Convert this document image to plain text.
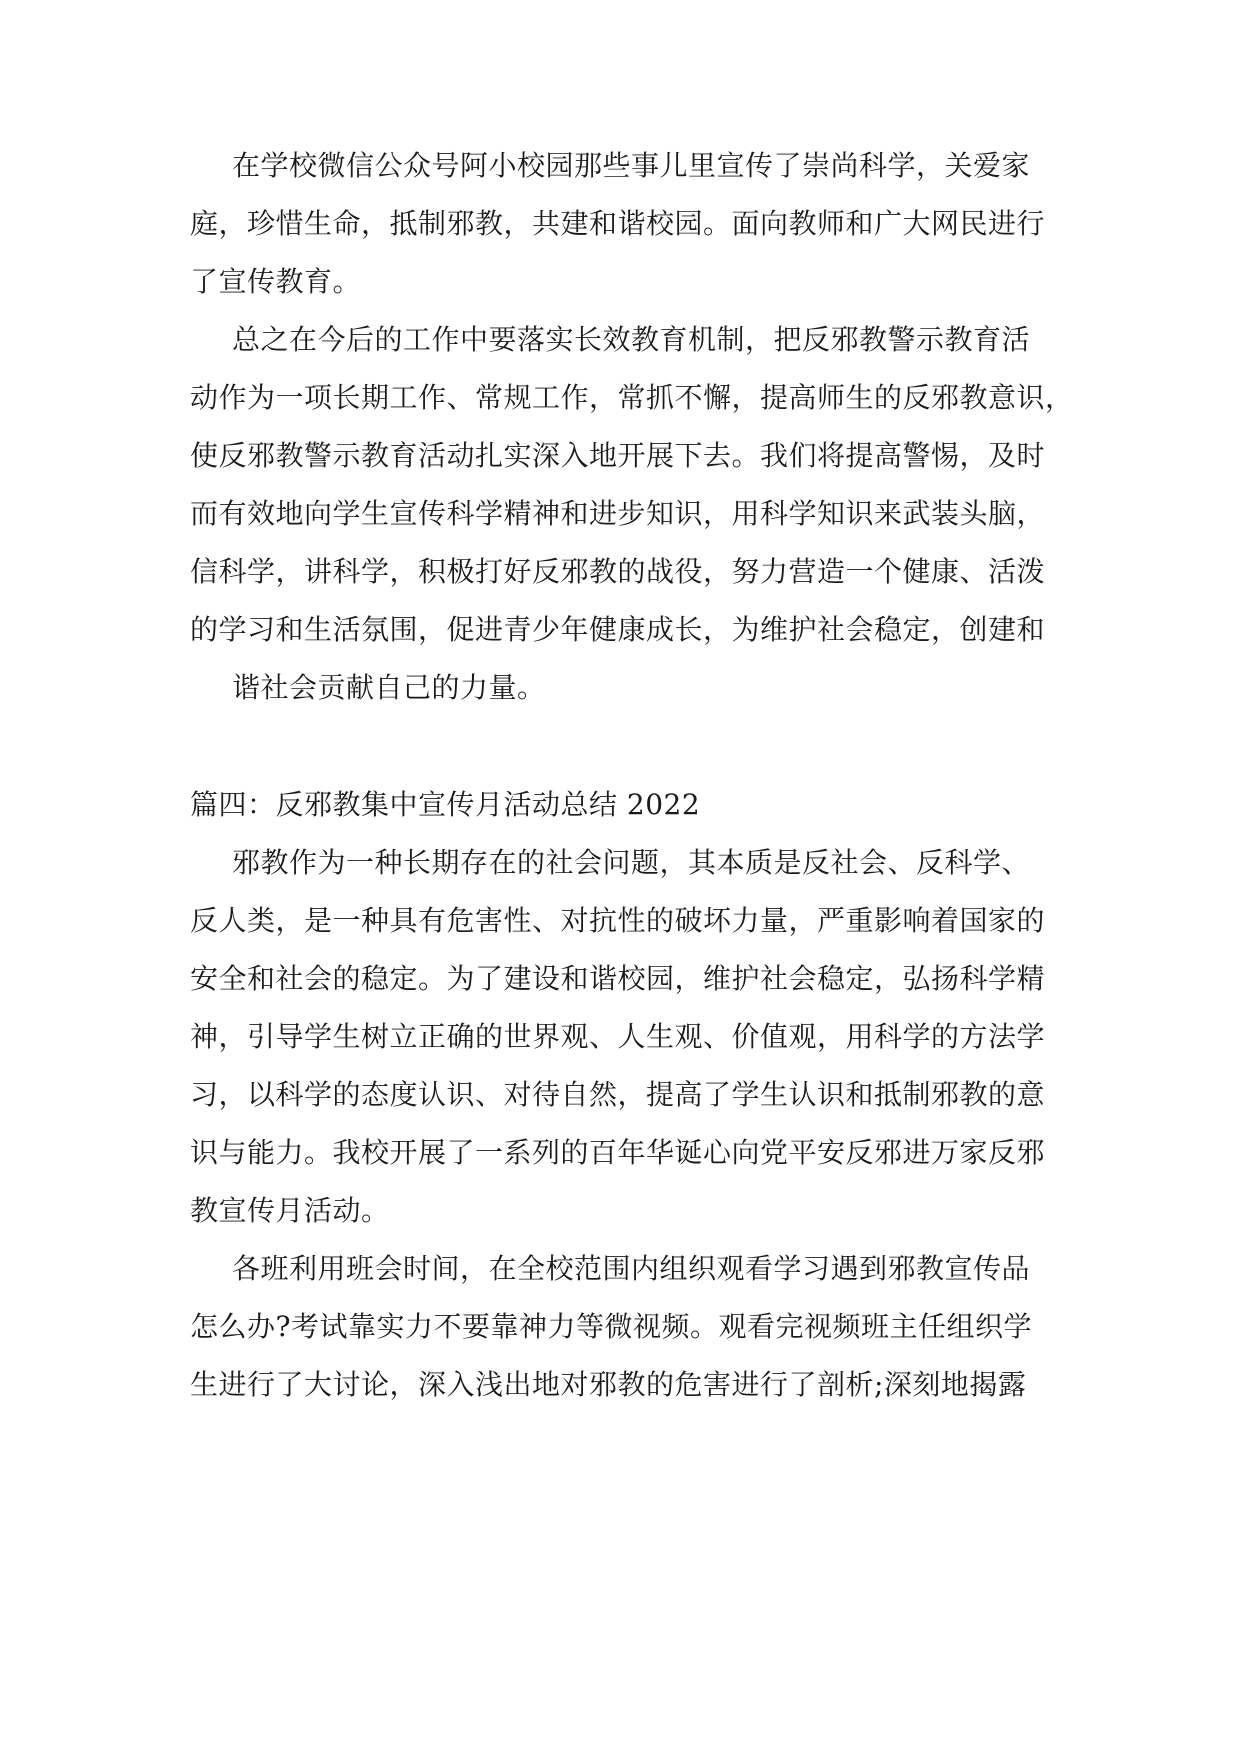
在学校微信公众号阿小校园那些事儿里宣传了崇尚科学，关爱家
庭，珍惜生命，抵制邪教，共建和谐校园。面向教师和广大网民进行
了宣传教育。
总之在今后的工作中要落实长效教育机制，把反邪教警示教育活
动作为一项长期工作、常规工作，常抓不懈，提高师生的反邪教意识，
使反邪教警示教育活动扎实深入地开展下去。我们将提高警惕，及时
而有效地向学生宣传科学精神和进步知识，用科学知识来武装头脑，
信科学，讲科学，积极打好反邪教的战役，努力营造一个健康、活泼
的学习和生活氛围，促进青少年健康成长，为维护社会稳定，创建和
谐社会贡献自己的力量。
篇四：反邪教集中宣传月活动总结 2022
邪教作为一种长期存在的社会问题，其本质是反社会、反科学、
反人类，是一种具有危害性、对抗性的破坏力量，严重影响着国家的
安全和社会的稳定。为了建设和谐校园，维护社会稳定，弘扬科学精
神，引导学生树立正确的世界观、人生观、价值观，用科学的方法学
习，以科学的态度认识、对待自然，提高了学生认识和抵制邪教的意
识与能力。我校开展了一系列的百年华诞心向党平安反邪进万家反邪
教宣传月活动。
各班利用班会时间，在全校范围内组织观看学习遇到邪教宣传品
怎么办?考试靠实力不要靠神力等微视频。观看完视频班主任组织学
生进行了大讨论，深入浅出地对邪教的危害进行了剖析;深刻地揭露
